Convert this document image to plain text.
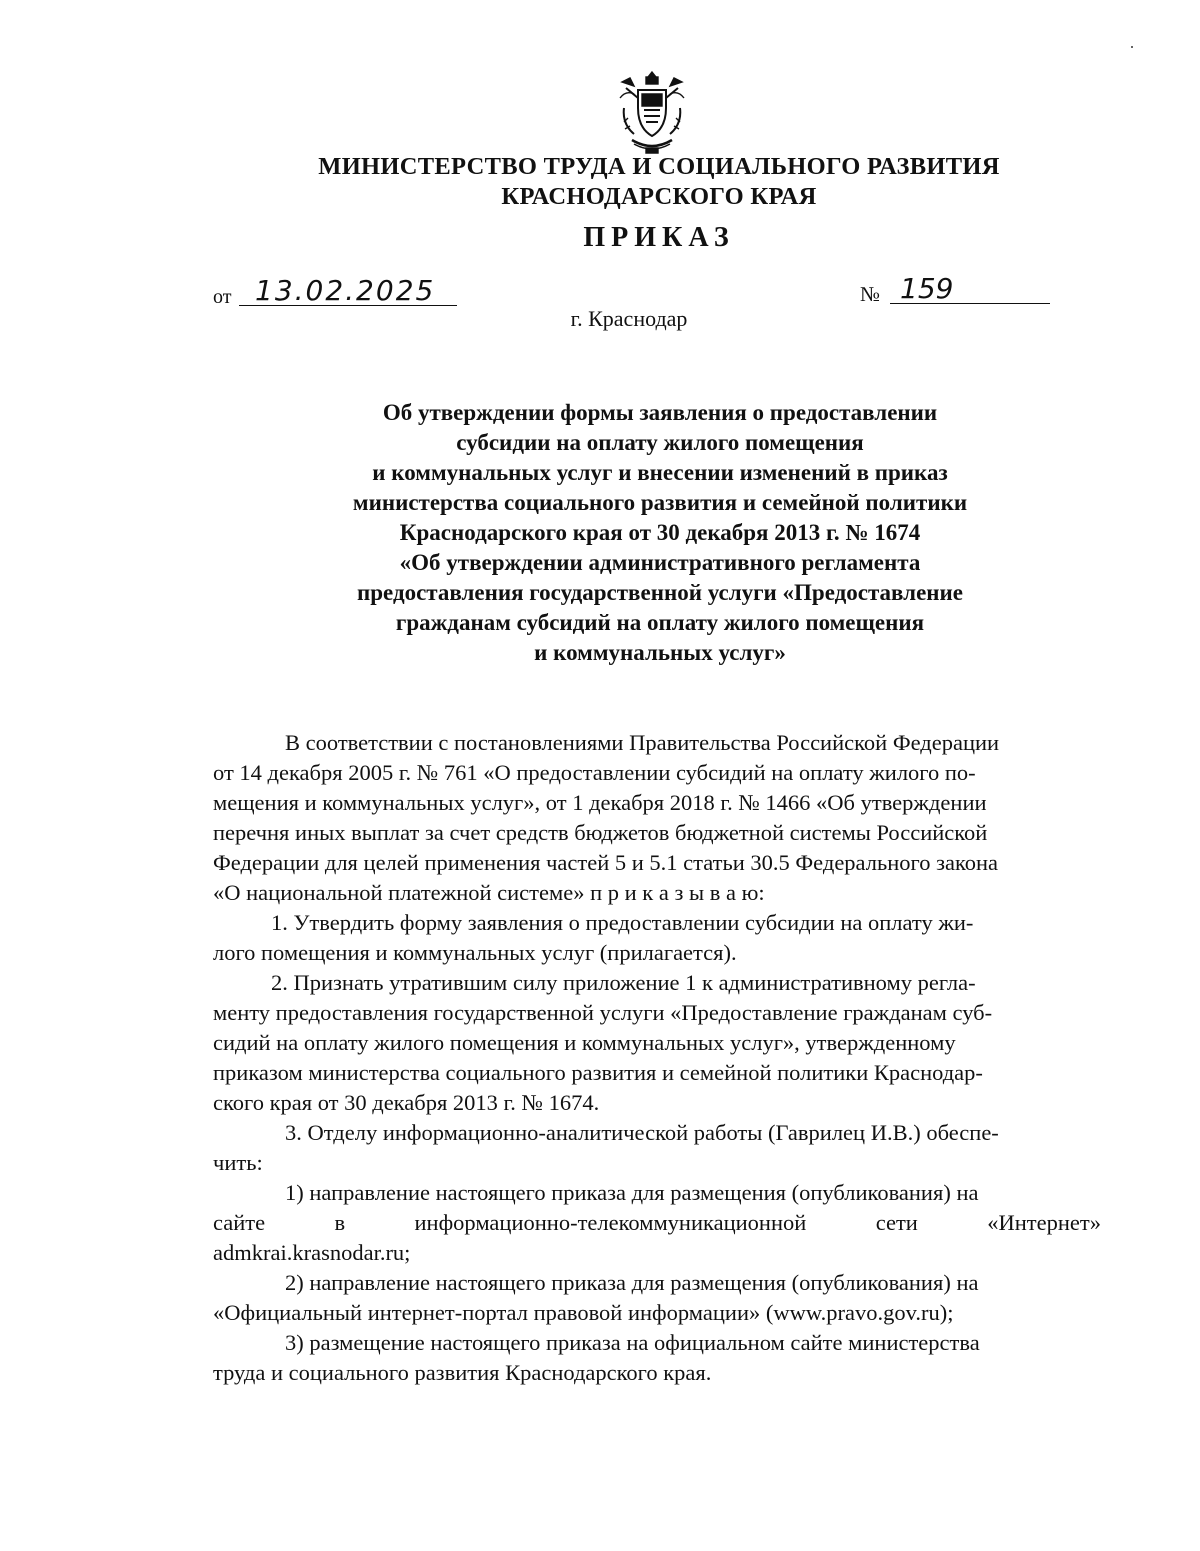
МИНИСТЕРСТВО ТРУДА И СОЦИАЛЬНОГО РАЗВИТИЯ
КРАСНОДАРСКОГО КРАЯ
ПРИКАЗ
от 13.02.2025	№ 159
г. Краснодар
Об утверждении формы заявления о предоставлении
субсидии на оплату жилого помещения
и коммунальных услуг и внесении изменений в приказ
министерства социального развития и семейной политики
Краснодарского края от 30 декабря 2013 г. № 1674
«Об утверждении административного регламента
предоставления государственной услуги «Предоставление
гражданам субсидий на оплату жилого помещения
и коммунальных услуг»
В соответствии с постановлениями Правительства Российской Федерации
от 14 декабря 2005 г. № 761 «О предоставлении субсидий на оплату жилого по-
мещения и коммунальных услуг», от 1 декабря 2018 г. № 1466 «Об утверждении
перечня иных выплат за счет средств бюджетов бюджетной системы Российской
Федерации для целей применения частей 5 и 5.1 статьи 30.5 Федерального закона
«О национальной платежной системе» п р и к а з ы в а ю:
1. Утвердить форму заявления о предоставлении субсидии на оплату жи-
лого помещения и коммунальных услуг (прилагается).
2. Признать утратившим силу приложение 1 к административному регла-
менту предоставления государственной услуги «Предоставление гражданам суб-
сидий на оплату жилого помещения и коммунальных услуг», утвержденному
приказом министерства социального развития и семейной политики Краснодар-
ского края от 30 декабря 2013 г. № 1674.
3. Отделу информационно-аналитической работы (Гаврилец И.В.) обеспе-
чить:
1) направление настоящего приказа для размещения (опубликования) на
сайте	в	информационно-телекоммуникационной	сети	«Интернет»
admkrai.krasnodar.ru;
2) направление настоящего приказа для размещения (опубликования) на
«Официальный интернет-портал правовой информации» (www.pravo.gov.ru);
3) размещение настоящего приказа на официальном сайте министерства
труда и социального развития Краснодарского края.
